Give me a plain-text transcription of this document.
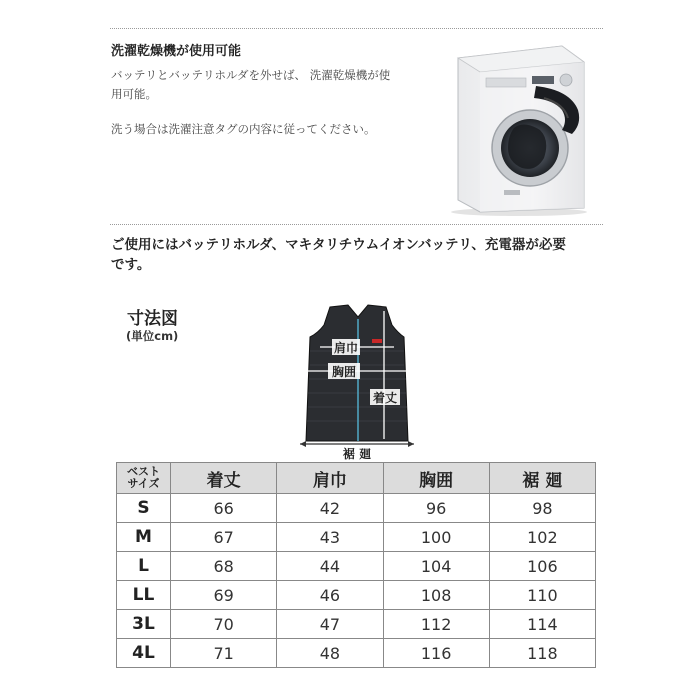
洗濯乾燥機が使用可能
バッテリとバッテリホルダを外せば、 洗濯乾燥機が使
用可能。
洗う場合は洗濯注意タグの内容に従ってください。
ご使用にはバッテリホルダ、マキタリチウムイオンバッテリ、充電器が必要
です。
寸法図
(単位cm)
肩巾
胸囲
着丈
裾 廻
ベスト
サイズ	着丈	肩巾	胸囲	裾 廻
S	66	42	96	98
M	67	43	100	102
L	68	44	104	106
LL	69	46	108	110
3L	70	47	112	114
4L	71	48	116	118
